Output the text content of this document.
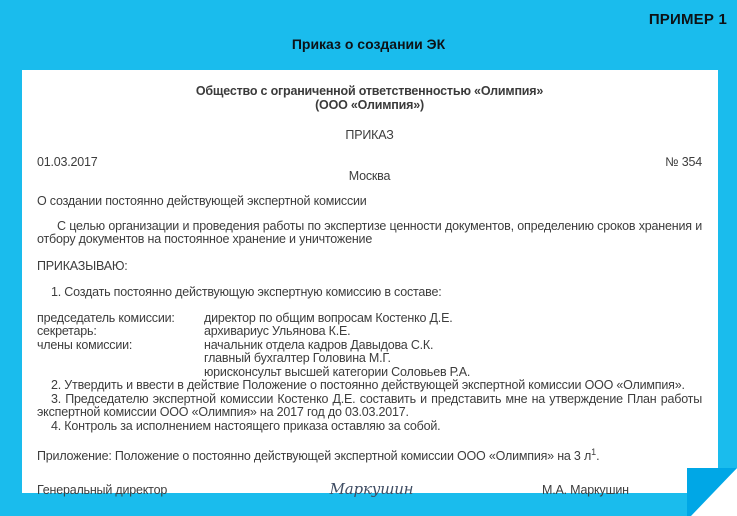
ПРИМЕР 1
Приказ о создании ЭК
Общество с ограниченной ответственностью «Олимпия»
(ООО «Олимпия»)
ПРИКАЗ
01.03.2017	№ 354
Москва
О создании постоянно действующей экспертной комиссии
С целью организации и проведения работы по экспертизе ценности документов, определению сроков хранения и отбору документов на постоянное хранение и уничтожение
ПРИКАЗЫВАЮ:
1. Создать постоянно действующую экспертную комиссию в составе:
председатель комиссии:	директор по общим вопросам Костенко Д.Е.
секретарь:	архивариус Ульянова К.Е.
члены комиссии:	начальник отдела кадров Давыдова С.К.
главный бухгалтер Головина М.Г.
юрисконсульт высшей категории Соловьев Р.А.
2. Утвердить и ввести в действие Положение о постоянно действующей экспертной комиссии ООО «Олимпия».
3. Председателю экспертной комиссии Костенко Д.Е. составить и представить мне на утверждение План работы экспертной комиссии ООО «Олимпия» на 2017 год до 03.03.2017.
4. Контроль за исполнением настоящего приказа оставляю за собой.
Приложение: Положение о постоянно действующей экспертной комиссии ООО «Олимпия» на 3 $л^1$.
Генеральный директор	Маркушин	М.А. Маркушин
